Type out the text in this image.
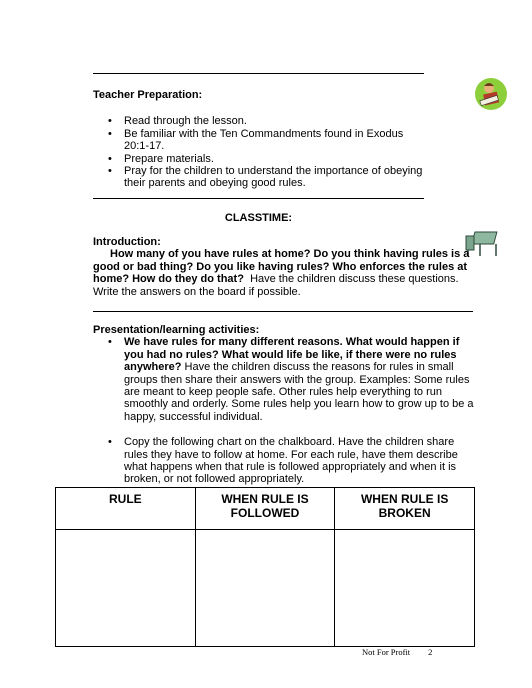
Teacher Preparation:
• Read through the lesson.
• Be familiar with the Ten Commandments found in Exodus 20:1-17.
• Prepare materials.
• Pray for the children to understand the importance of obeying their parents and obeying good rules.
CLASSTIME:
Introduction:
How many of you have rules at home? Do you think having rules is a good or bad thing? Do you like having rules? Who enforces the rules at home? How do they do that? Have the children discuss these questions. Write the answers on the board if possible.
Presentation/learning activities:
• We have rules for many different reasons. What would happen if you had no rules? What would life be like, if there were no rules anywhere? Have the children discuss the reasons for rules in small groups then share their answers with the group. Examples: Some rules are meant to keep people safe. Other rules help everything to run smoothly and orderly. Some rules help you learn how to grow up to be a happy, successful individual.
• Copy the following chart on the chalkboard. Have the children share rules they have to follow at home. For each rule, have them describe what happens when that rule is followed appropriately and when it is broken, or not followed appropriately.
RULE	WHEN RULE IS FOLLOWED	WHEN RULE IS BROKEN

Not For Profit 2
